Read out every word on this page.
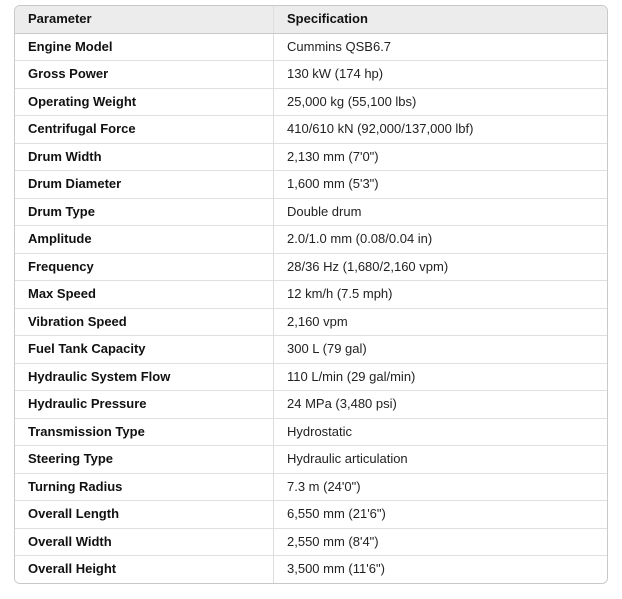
Parameter	Specification
Engine Model	Cummins QSB6.7
Gross Power	130 kW (174 hp)
Operating Weight	25,000 kg (55,100 lbs)
Centrifugal Force	410/610 kN (92,000/137,000 lbf)
Drum Width	2,130 mm (7'0")
Drum Diameter	1,600 mm (5'3")
Drum Type	Double drum
Amplitude	2.0/1.0 mm (0.08/0.04 in)
Frequency	28/36 Hz (1,680/2,160 vpm)
Max Speed	12 km/h (7.5 mph)
Vibration Speed	2,160 vpm
Fuel Tank Capacity	300 L (79 gal)
Hydraulic System Flow	110 L/min (29 gal/min)
Hydraulic Pressure	24 MPa (3,480 psi)
Transmission Type	Hydrostatic
Steering Type	Hydraulic articulation
Turning Radius	7.3 m (24'0")
Overall Length	6,550 mm (21'6")
Overall Width	2,550 mm (8'4")
Overall Height	3,500 mm (11'6")
